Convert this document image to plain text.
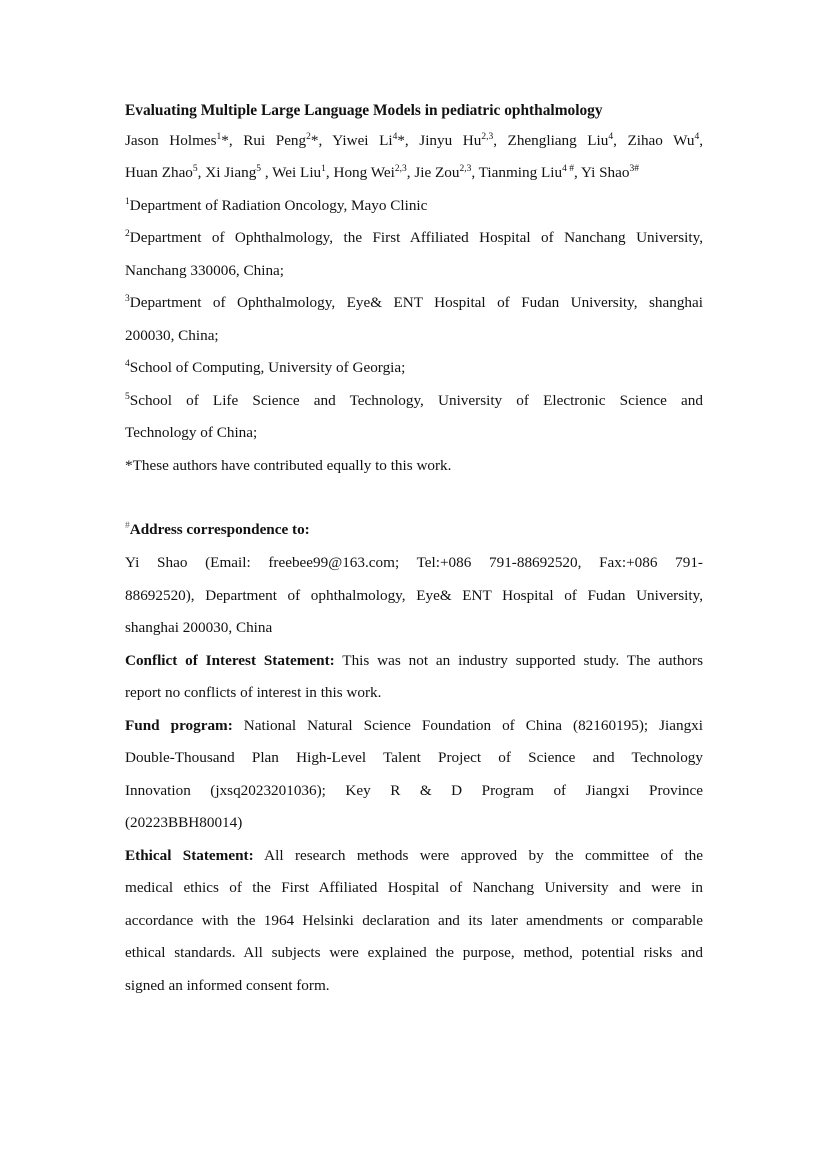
Evaluating Multiple Large Language Models in pediatric ophthalmology
Jason Holmes$^1$*, Rui Peng$^2$*, Yiwei Li$^4$*, Jinyu Hu$^{2,3}$, Zhengliang Liu$^4$, Zihao Wu$^4$,
Huan Zhao$^5$, Xi Jiang$^5$ , Wei Liu$^1$, Hong Wei$^{2,3}$, Jie Zou$^{2,3}$, Tianming Liu$^{4 \#}$, Yi Shao$^{3\#}$
$^1$Department of Radiation Oncology, Mayo Clinic
$^2$Department of Ophthalmology, the First Affiliated Hospital of Nanchang University,
Nanchang 330006, China;
$^3$Department of Ophthalmology, Eye& ENT Hospital of Fudan University, shanghai
200030, China;
$^4$School of Computing, University of Georgia;
$^5$School of Life Science and Technology, University of Electronic Science and
Technology of China;
*These authors have contributed equally to this work.
#Address correspondence to:
Yi Shao (Email: freebee99@163.com; Tel:+086 791-88692520, Fax:+086 791-
88692520), Department of ophthalmology, Eye& ENT Hospital of Fudan University,
shanghai 200030, China
Conflict of Interest Statement: This was not an industry supported study. The authors
report no conflicts of interest in this work.
Fund program: National Natural Science Foundation of China (82160195); Jiangxi
Double-Thousand Plan High-Level Talent Project of Science and Technology
Innovation (jxsq2023201036); Key R & D Program of Jiangxi Province
(20223BBH80014)
Ethical Statement: All research methods were approved by the committee of the
medical ethics of the First Affiliated Hospital of Nanchang University and were in
accordance with the 1964 Helsinki declaration and its later amendments or comparable
ethical standards. All subjects were explained the purpose, method, potential risks and
signed an informed consent form.
